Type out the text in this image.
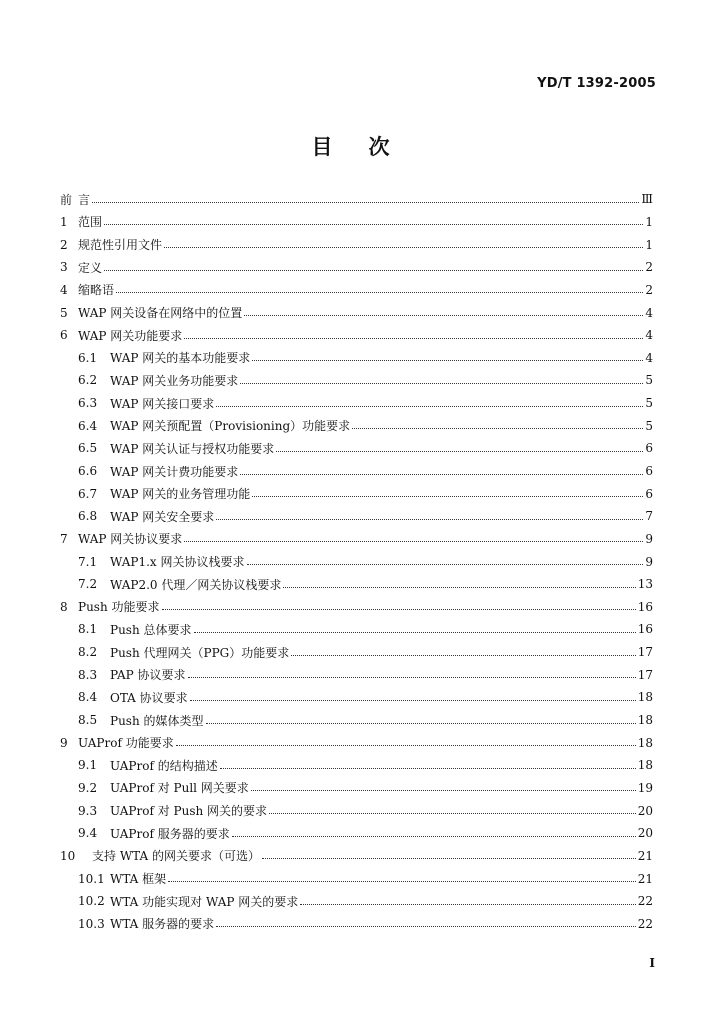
YD/T 1392-2005
目 次
前 言	Ⅲ
1 范围	1
2 规范性引用文件	1
3 定义	2
4 缩略语	2
5 WAP 网关设备在网络中的位置	4
6 WAP 网关功能要求	4
6.1	WAP 网关的基本功能要求	4
6.2	WAP 网关业务功能要求	5
6.3	WAP 网关接口要求	5
6.4	WAP 网关预配置（Provisioning）功能要求	5
6.5	WAP 网关认证与授权功能要求	6
6.6	WAP 网关计费功能要求	6
6.7	WAP 网关的业务管理功能	6
6.8	WAP 网关安全要求	7
7 WAP 网关协议要求	9
7.1	WAP1.x 网关协议栈要求	9
7.2	WAP2.0 代理／网关协议栈要求	13
8 Push 功能要求	16
8.1	Push 总体要求	16
8.2	Push 代理网关（PPG）功能要求	17
8.3	PAP 协议要求	17
8.4	OTA 协议要求	18
8.5	Push 的媒体类型	18
9 UAProf 功能要求	18
9.1	UAProf 的结构描述	18
9.2	UAProf 对 Pull 网关要求	19
9.3	UAProf 对 Push 网关的要求	20
9.4	UAProf 服务器的要求	20
10	支持 WTA 的网关要求（可选）	21
10.1 WTA 框架	21
10.2 WTA 功能实现对 WAP 网关的要求	22
10.3 WTA 服务器的要求	22
I
